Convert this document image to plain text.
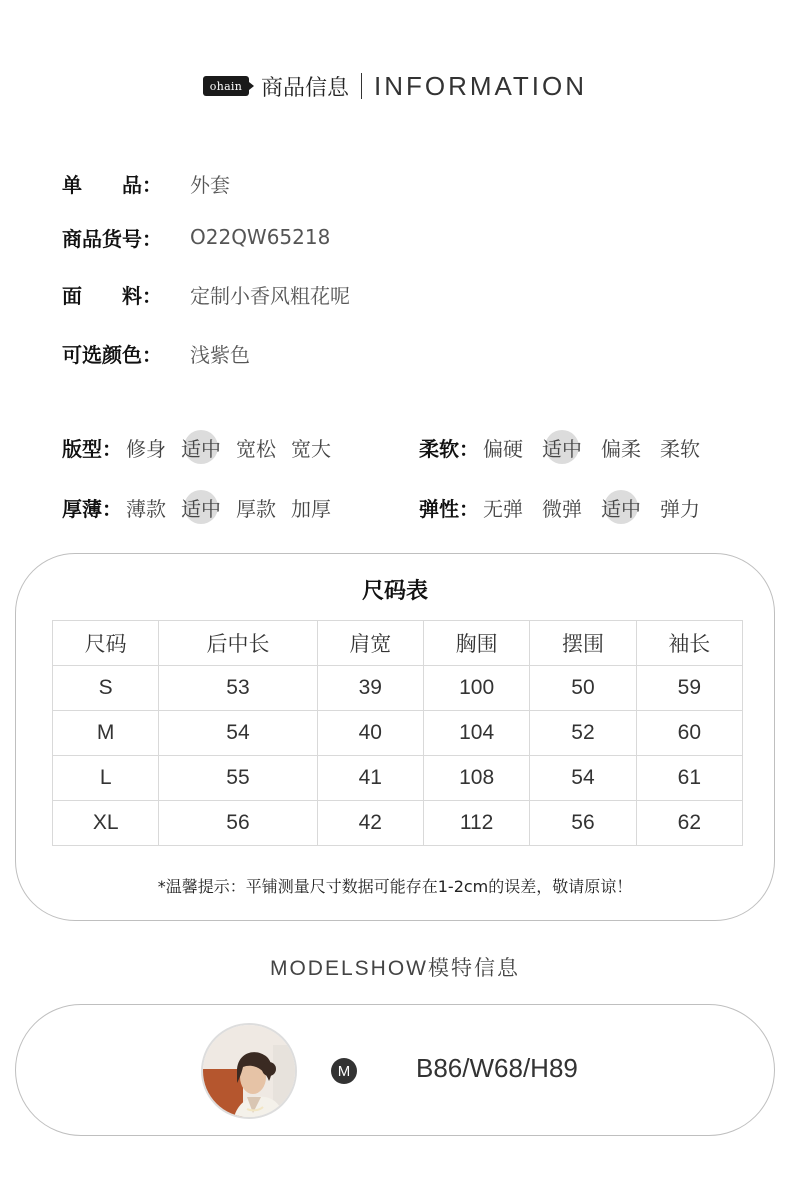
ohain 商品信息 INFORMATION
单　　品：	外套
商品货号：	O22QW65218
面　　料：	定制小香风粗花呢
可选颜色：	浅紫色
版型： 修身 适中 宽松 宽大	柔软： 偏硬 适中 偏柔 柔软
厚薄： 薄款 适中 厚款 加厚	弹性： 无弹 微弹 适中 弹力
尺码表
尺码	后中长	肩宽	胸围	摆围	袖长
S	53	39	100	50	59
M	54	40	104	52	60
L	55	41	108	54	61
XL	56	42	112	56	62
*温馨提示：平铺测量尺寸数据可能存在1-2cm的误差，敬请原谅！
MODELSHOW模特信息
M	B86/W68/H89
